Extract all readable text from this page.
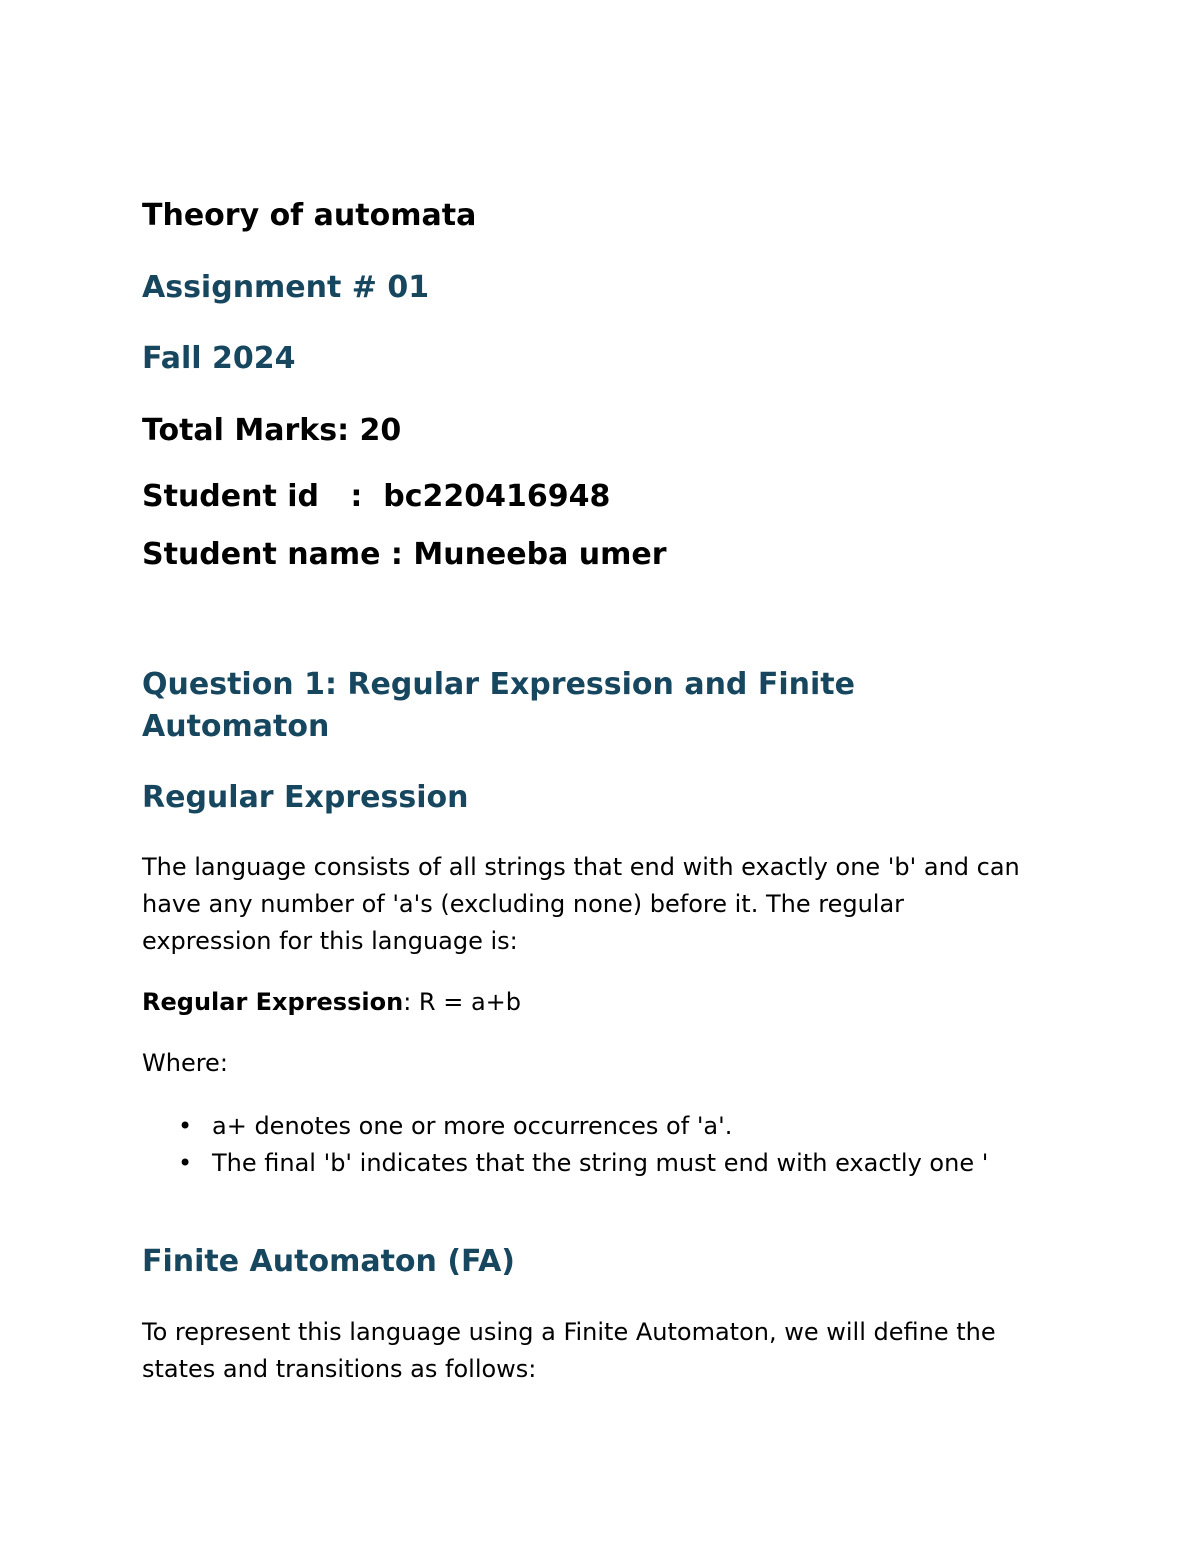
Theory of automata

Assignment # 01

Fall 2024

Total Marks: 20

Student id   :  bc220416948

Student name : Muneeba umer

Question 1: Regular Expression and Finite

Automaton

Regular Expression

The language consists of all strings that end with exactly one 'b' and can have any number of 'a's (excluding none) before it. The regular expression for this language is:

Regular Expression: R = a+b

Where:

• a+ denotes one or more occurrences of 'a'.
• The final 'b' indicates that the string must end with exactly one '

Finite Automaton (FA)

To represent this language using a Finite Automaton, we will define the states and transitions as follows:
